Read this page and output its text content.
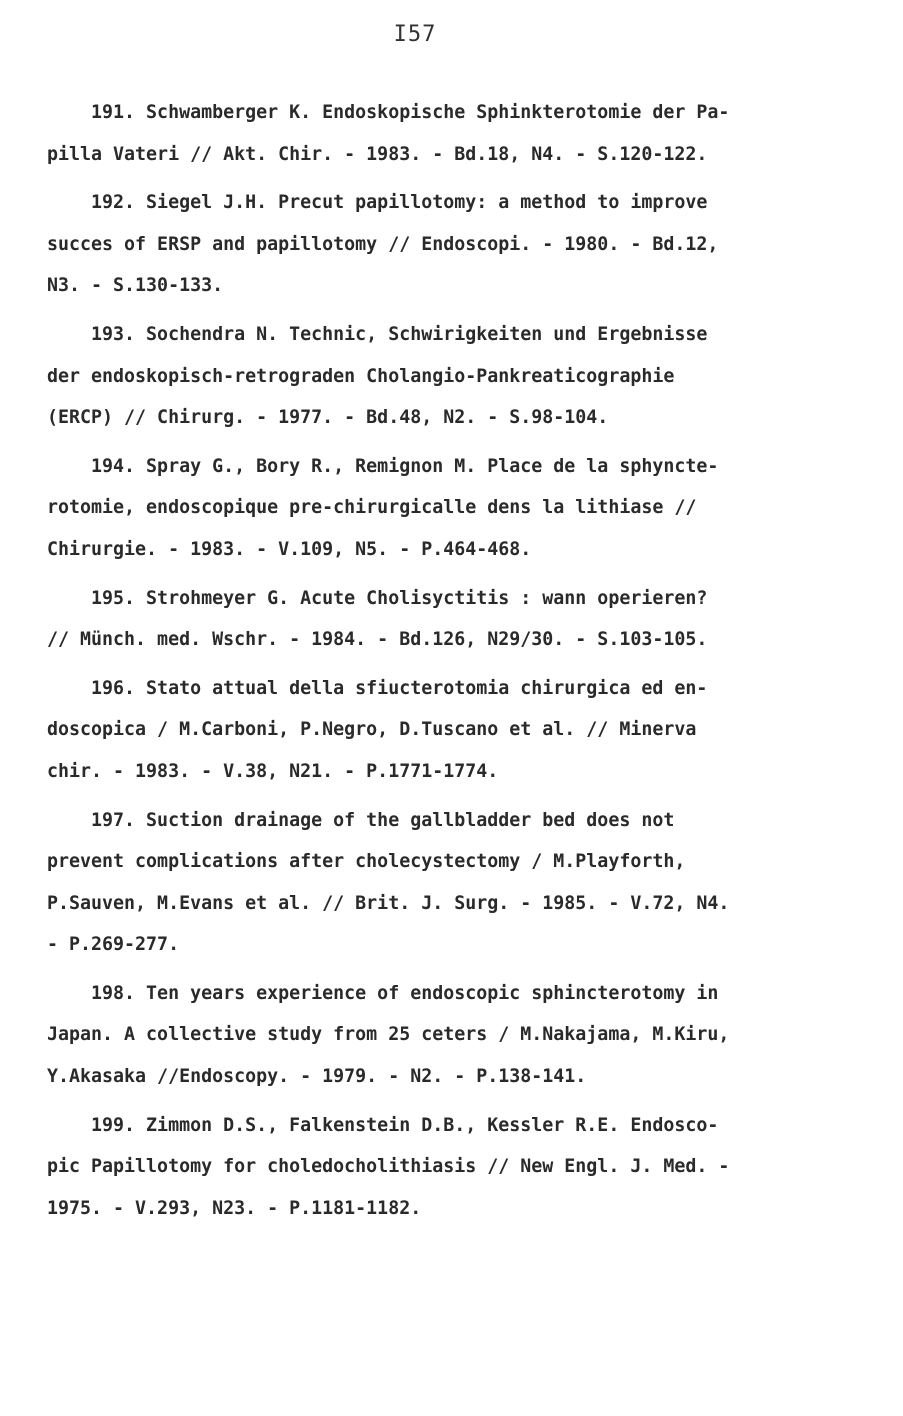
I57
191. Schwamberger K. Endoskopische Sphinkterotomie der Pa-
pilla Vateri // Akt. Chir. - 1983. - Bd.18, N4. - S.120-122.
192. Siegel J.H. Precut papillotomy: a method to improve
succes of ERSP and papillotomy // Endoscopi. - 1980. - Bd.12,
N3. - S.130-133.
193. Sochendra N. Technic, Schwirigkeiten und Ergebnisse
der endoskopisch-retrograden Cholangio-Pankreaticographie
(ERCP) // Chirurg. - 1977. - Bd.48, N2. - S.98-104.
194. Spray G., Bory R., Remignon M. Place de la sphyncte-
rotomie, endoscopique pre-chirurgicalle dens la lithiase //
Chirurgie. - 1983. - V.109, N5. - P.464-468.
195. Strohmeyer G. Acute Cholisyctitis : wann operieren?
// Münch. med. Wschr. - 1984. - Bd.126, N29/30. - S.103-105.
196. Stato attual della sfiucterotomia chirurgica ed en-
doscopica / M.Carboni, P.Negro, D.Tuscano et al. // Minerva
chir. - 1983. - V.38, N21. - P.1771-1774.
197. Suction drainage of the gallbladder bed does not
prevent complications after cholecystectomy / M.Playforth,
P.Sauven, M.Evans et al. // Brit. J. Surg. - 1985. - V.72, N4.
- P.269-277.
198. Ten years experience of endoscopic sphincterotomy in
Japan. A collective study from 25 ceters / M.Nakajama, M.Kiru,
Y.Akasaka //Endoscopy. - 1979. - N2. - P.138-141.
199. Zimmon D.S., Falkenstein D.B., Kessler R.E. Endosco-
pic Papillotomy for choledocholithiasis // New Engl. J. Med. -
1975. - V.293, N23. - P.1181-1182.
